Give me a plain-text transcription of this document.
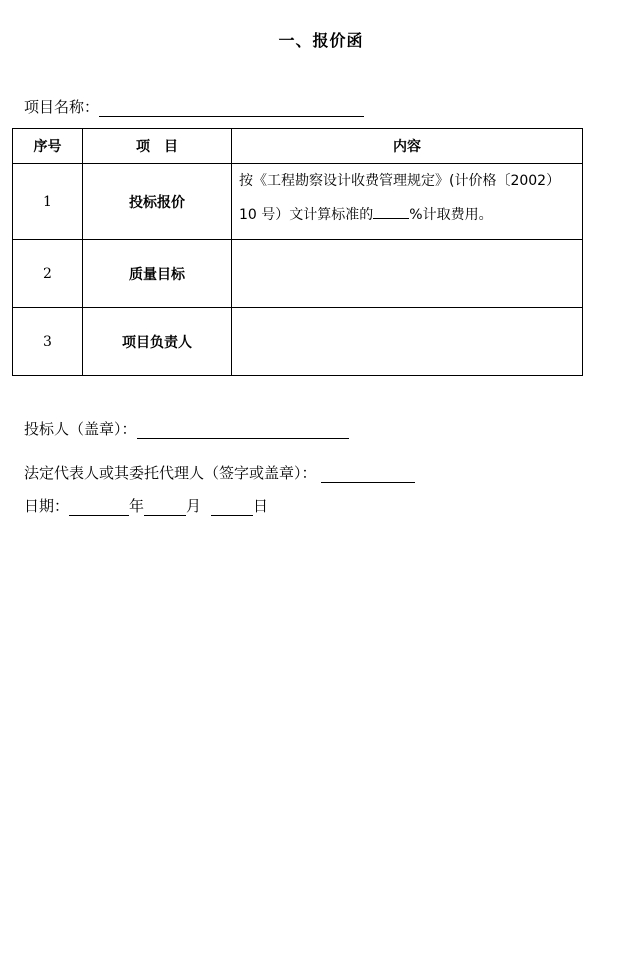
一、报价函
项目名称：
序号	项　目	内容
1	投标报价	按《工程勘察设计收费管理规定》(计价格〔2002）
10 号）文计算标准的 %计取费用。

2	质量目标	
3	项目负责人	
投标人（盖章）：
法定代表人或其委托代理人（签字或盖章）：
日期：	年	月	日
